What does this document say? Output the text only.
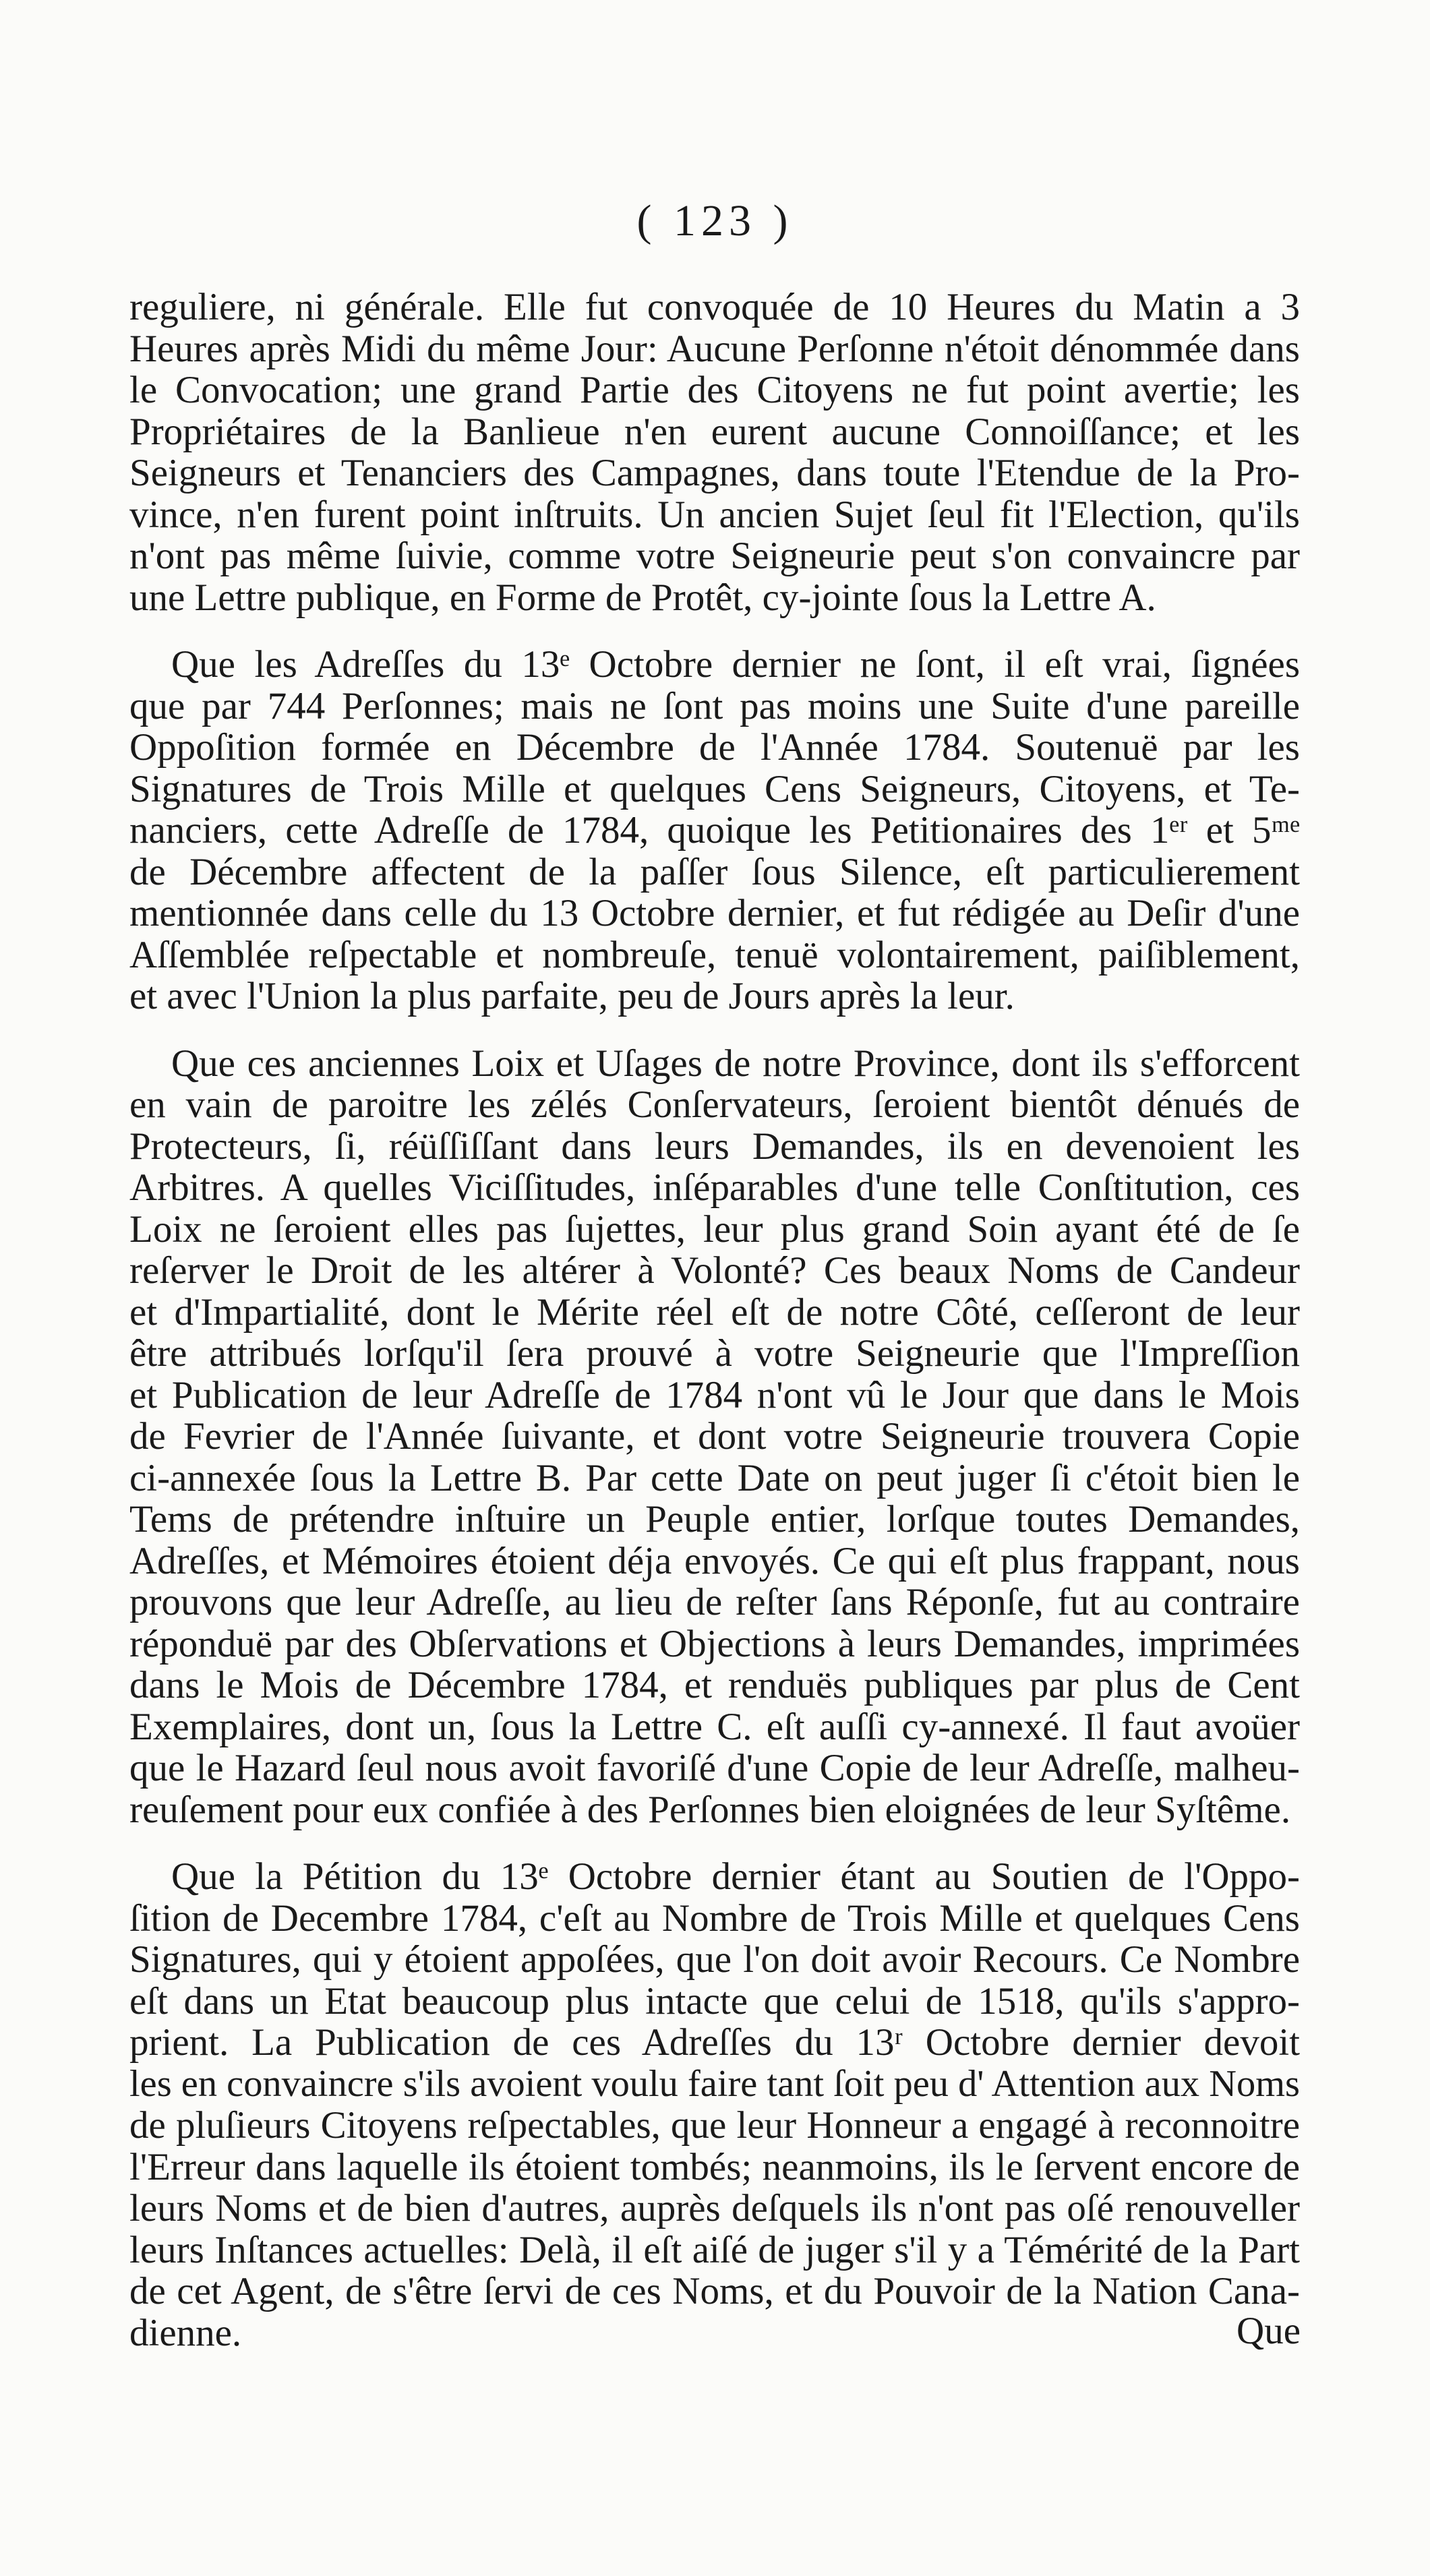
( 123 )

reguliere, ni générale. Elle fut convoquée de 10 Heures du Matin a 3
Heures après Midi du même Jour: Aucune Perſonne n'étoit dénommée dans
le Convocation; une grand Partie des Citoyens ne fut point avertie; les
Propriétaires de la Banlieue n'en eurent aucune Connoiſſance; et les
Seigneurs et Tenanciers des Campagnes, dans toute l'Etendue de la Pro-
vince, n'en furent point inſtruits. Un ancien Sujet ſeul fit l'Election, qu'ils
n'ont pas même ſuivie, comme votre Seigneurie peut s'on convaincre par
une Lettre publique, en Forme de Protêt, cy-jointe ſous la Lettre A.

Que les Adreſſes du 13ᵉ Octobre dernier ne ſont, il eſt vrai, ſignées
que par 744 Perſonnes; mais ne ſont pas moins une Suite d'une pareille
Oppoſition formée en Décembre de l'Année 1784. Soutenuë par les
Signatures de Trois Mille et quelques Cens Seigneurs, Citoyens, et Te-
nanciers, cette Adreſſe de 1784, quoique les Petitionaires des 1ᵉʳ et 5ᵐᵉ
de Décembre affectent de la paſſer ſous Silence, eſt particulierement
mentionnée dans celle du 13 Octobre dernier, et fut rédigée au Deſir d'une
Aſſemblée reſpectable et nombreuſe, tenuë volontairement, paiſiblement,
et avec l'Union la plus parfaite, peu de Jours après la leur.

Que ces anciennes Loix et Uſages de notre Province, dont ils s'efforcent
en vain de paroitre les zélés Conſervateurs, ſeroient bientôt dénués de
Protecteurs, ſi, réüſſiſſant dans leurs Demandes, ils en devenoient les
Arbitres. A quelles Viciſſitudes, inſéparables d'une telle Conſtitution, ces
Loix ne ſeroient elles pas ſujettes, leur plus grand Soin ayant été de ſe
reſerver le Droit de les altérer à Volonté? Ces beaux Noms de Candeur
et d'Impartialité, dont le Mérite réel eſt de notre Côté, ceſſeront de leur
être attribués lorſqu'il ſera prouvé à votre Seigneurie que l'Impreſſion
et Publication de leur Adreſſe de 1784 n'ont vû le Jour que dans le Mois
de Fevrier de l'Année ſuivante, et dont votre Seigneurie trouvera Copie
ci-annexée ſous la Lettre B. Par cette Date on peut juger ſi c'étoit bien le
Tems de prétendre inſtuire un Peuple entier, lorſque toutes Demandes,
Adreſſes, et Mémoires étoient déja envoyés. Ce qui eſt plus frappant, nous
prouvons que leur Adreſſe, au lieu de reſter ſans Réponſe, fut au contraire
réponduë par des Obſervations et Objections à leurs Demandes, imprimées
dans le Mois de Décembre 1784, et renduës publiques par plus de Cent
Exemplaires, dont un, ſous la Lettre C. eſt auſſi cy-annexé. Il faut avoüer
que le Hazard ſeul nous avoit favoriſé d'une Copie de leur Adreſſe, malheu-
reuſement pour eux confiée à des Perſonnes bien eloignées de leur Syſtême.

Que la Pétition du 13ᵉ Octobre dernier étant au Soutien de l'Oppo-
ſition de Decembre 1784, c'eſt au Nombre de Trois Mille et quelques Cens
Signatures, qui y étoient appoſées, que l'on doit avoir Recours. Ce Nombre
eſt dans un Etat beaucoup plus intacte que celui de 1518, qu'ils s'appro-
prient. La Publication de ces Adreſſes du 13ʳ Octobre dernier devoit
les en convaincre s'ils avoient voulu faire tant ſoit peu d' Attention aux Noms
de pluſieurs Citoyens reſpectables, que leur Honneur a engagé à reconnoitre
l'Erreur dans laquelle ils étoient tombés; neanmoins, ils le ſervent encore de
leurs Noms et de bien d'autres, auprès deſquels ils n'ont pas oſé renouveller
leurs Inſtances actuelles: Delà, il eſt aiſé de juger s'il y a Témérité de la Part
de cet Agent, de s'être ſervi de ces Noms, et du Pouvoir de la Nation Cana-
dienne.	Que
